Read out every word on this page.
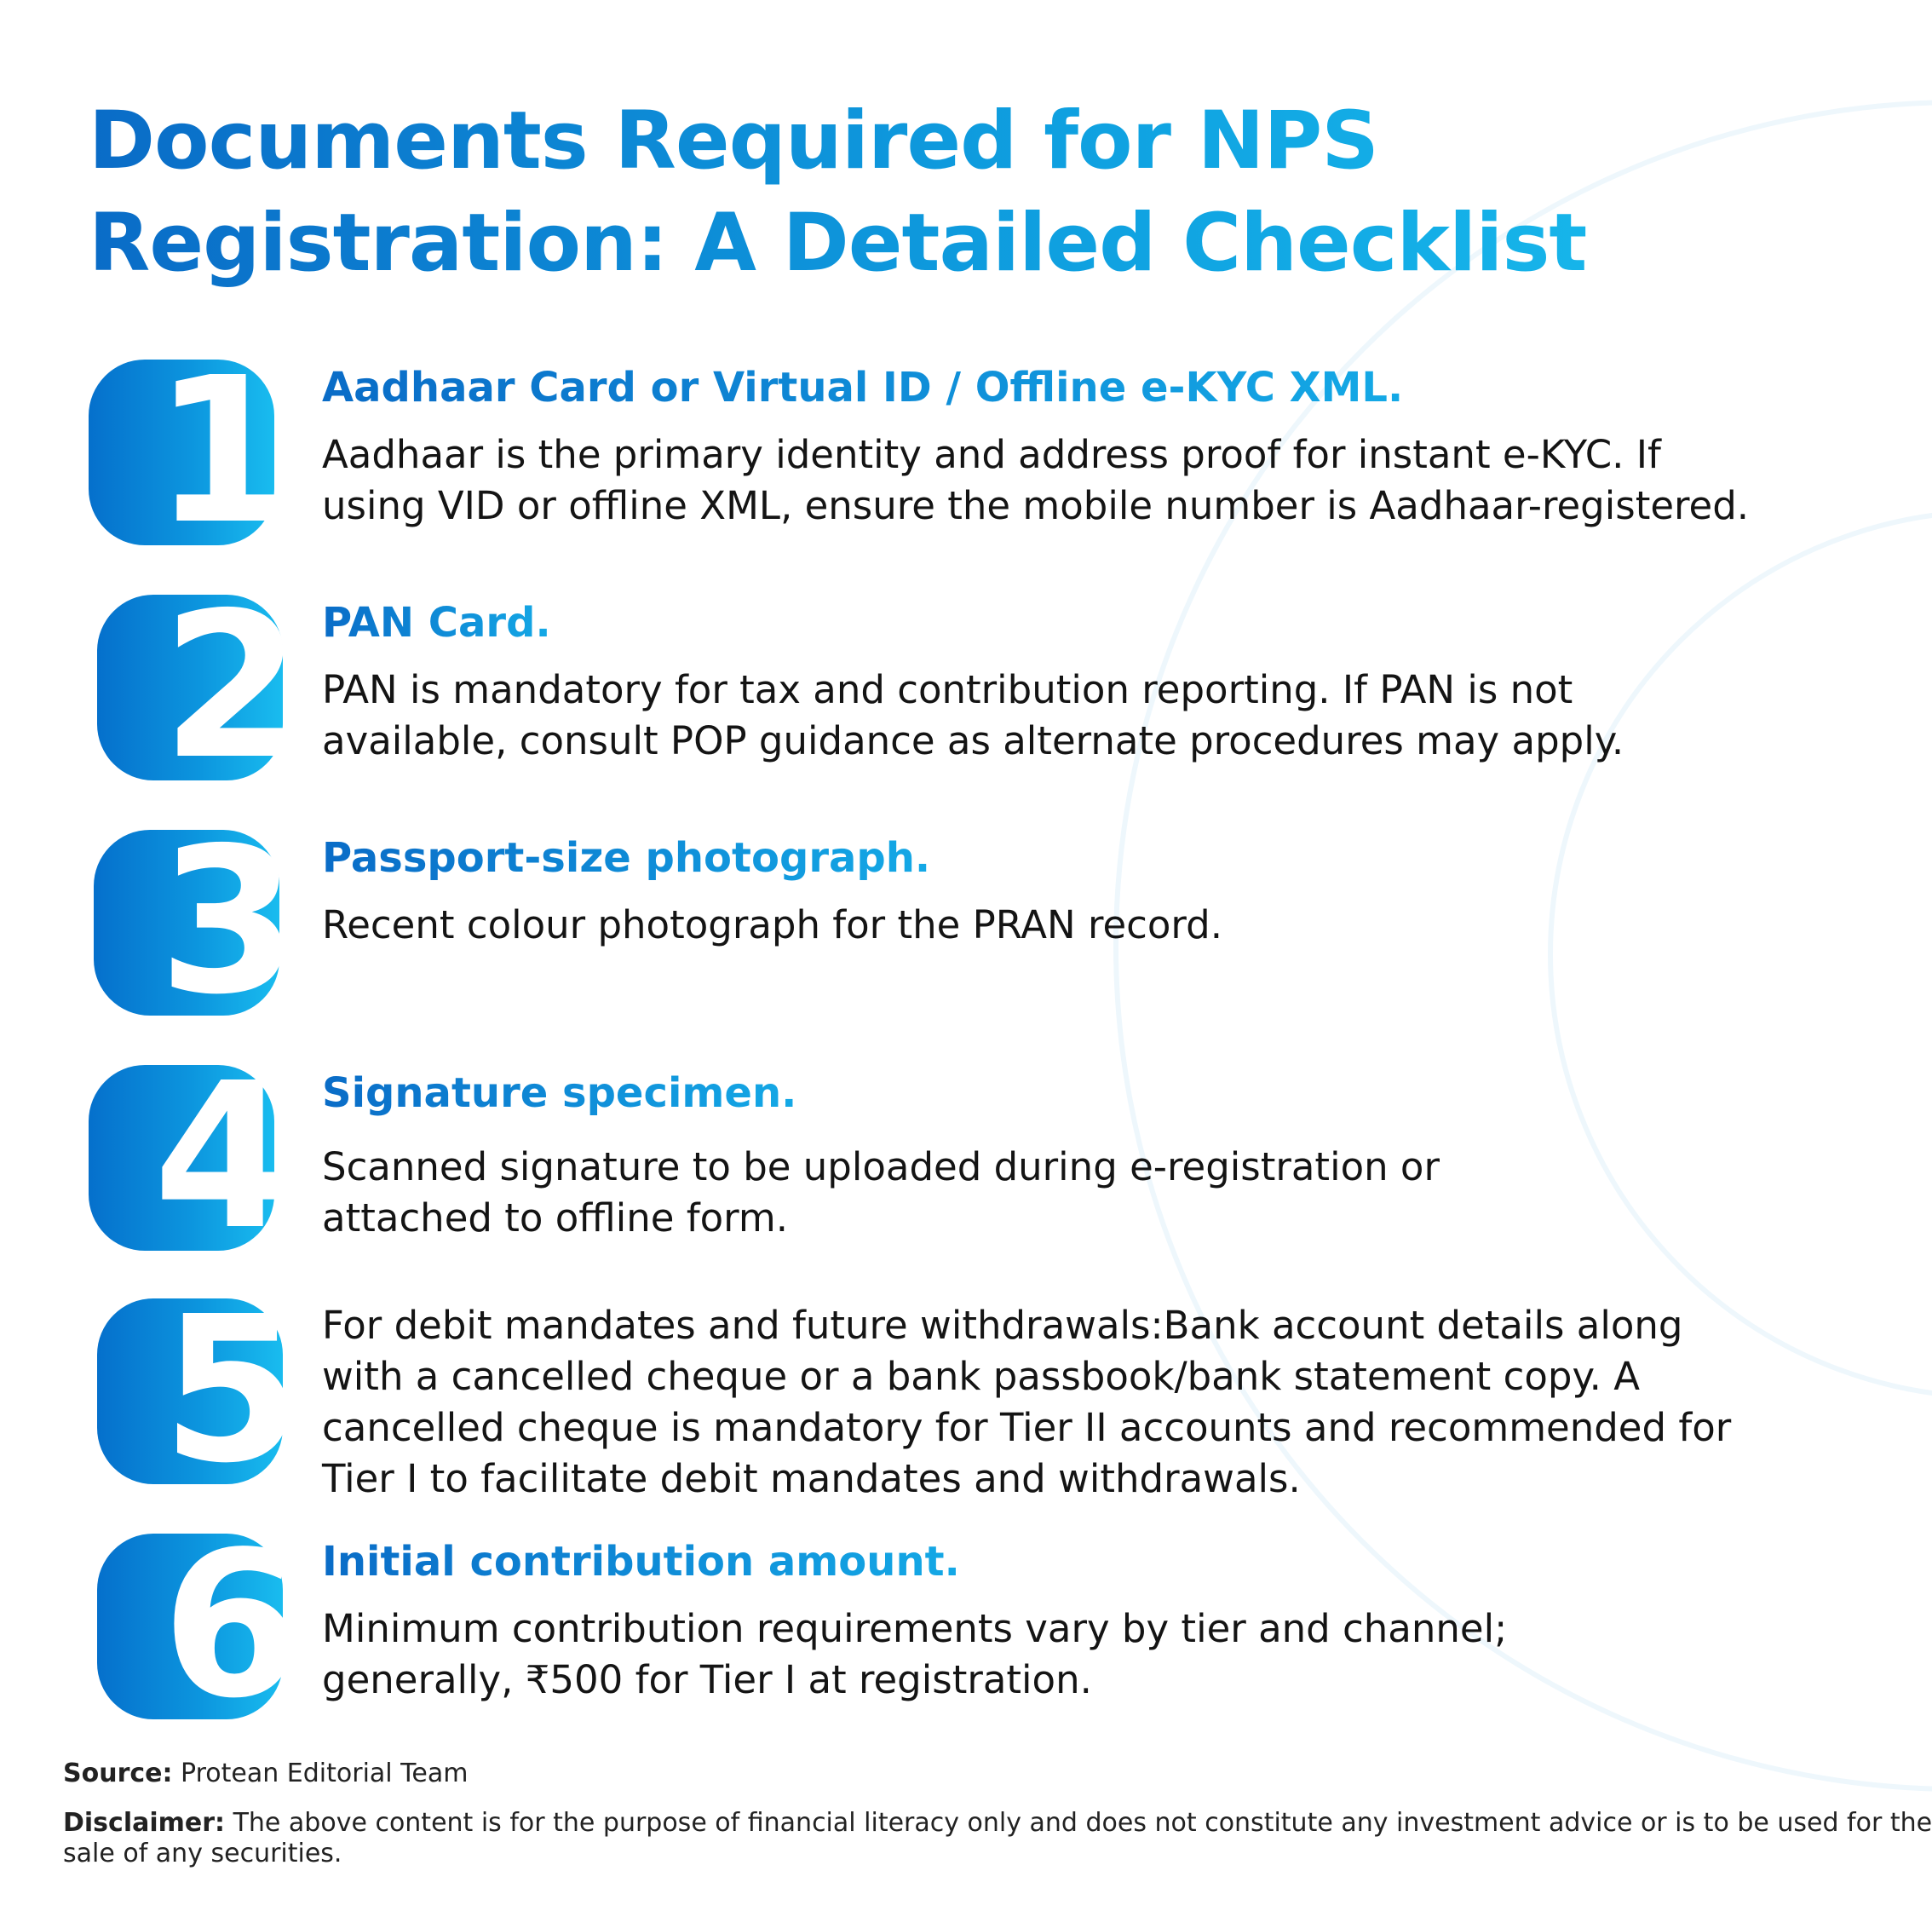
Documents Required for NPS
Registration: A Detailed Checklist
1 Aadhaar Card or Virtual ID / Offline e-KYC XML.

Aadhaar is the primary identity and address proof for instant e-KYC. If
using VID or offline XML, ensure the mobile number is Aadhaar-registered.

2 PAN Card.

PAN is mandatory for tax and contribution reporting. If PAN is not
available, consult POP guidance as alternate procedures may apply.

3 Passport-size photograph.

Recent colour photograph for the PRAN record.

4 Signature specimen.

Scanned signature to be uploaded during e-registration or
attached to offline form.

5 For debit mandates and future withdrawals:Bank account details along
with a cancelled cheque or a bank passbook/bank statement copy. A
cancelled cheque is mandatory for Tier II accounts and recommended for
Tier I to facilitate debit mandates and withdrawals.

6 Initial contribution amount.

Minimum contribution requirements vary by tier and channel;
generally, ₹500 for Tier I at registration.

Source: Protean Editorial Team
Disclaimer: The above content is for the purpose of financial literacy only and does not constitute any investment advice or is to be used for the
sale of any securities.
